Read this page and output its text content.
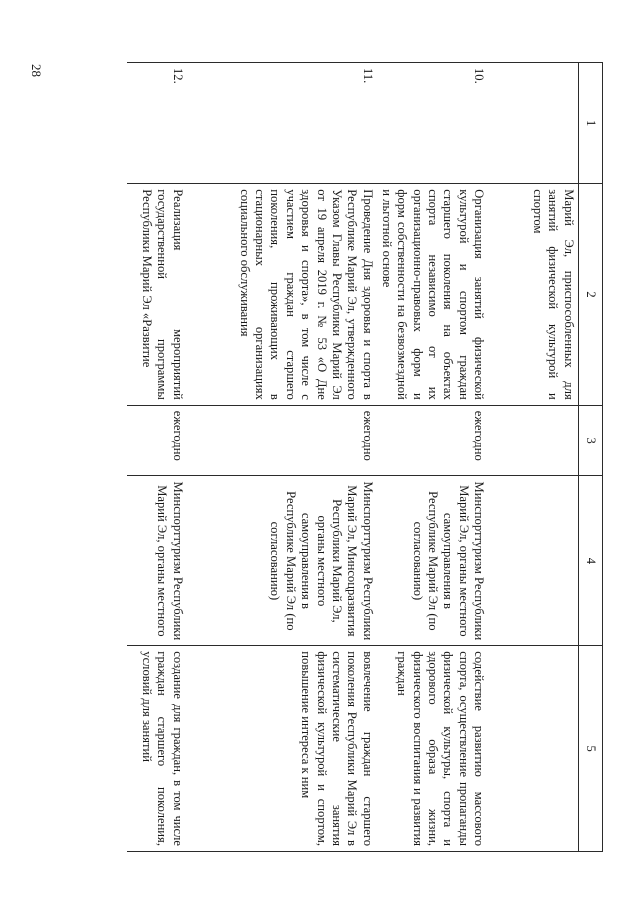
28
1	2	3	4	5
	Марий Эл, приспособленных для занятий физической культурой и спортом			
10.	Организация занятий физической культурой и спортом граждан старшего поколения на объектах спорта независимо от их организационно-правовых форм и форм собственности на безвозмездной и льготной основе	ежегодно	Минспорттуризм Республики Марий Эл, органы местного самоуправления в Республике Марий Эл (по согласованию)	содействие развитию массового спорта, осуществление пропаганды физической культуры, спорта и здорового образа жизни, физического воспитания и развития граждан
11.	Проведение Дня здоровья и спорта в Республике Марий Эл, утвержденного Указом Главы Республики Марий Эл от 19 апреля 2019 г. № 53 «О Дне здоровья и спорта», в том числе с участием граждан старшего поколения, проживающих в стационарных организациях социального обслуживания	ежегодно	Минспорттуризм Республики Марий Эл, Минсоцразвития Республики Марий Эл, органы местного самоуправления в Республике Марий Эл (по согласованию)	вовлечение граждан старшего поколения Республики Марий Эл в систематические занятия физической культурой и спортом, повышение интереса к ним
12.	Реализация мероприятий государственной программы Республики Марий Эл «Развитие	ежегодно	Минспорттуризм Республики Марий Эл, органы местного	создание для граждан, в том числе граждан старшего поколения, условий для занятий
